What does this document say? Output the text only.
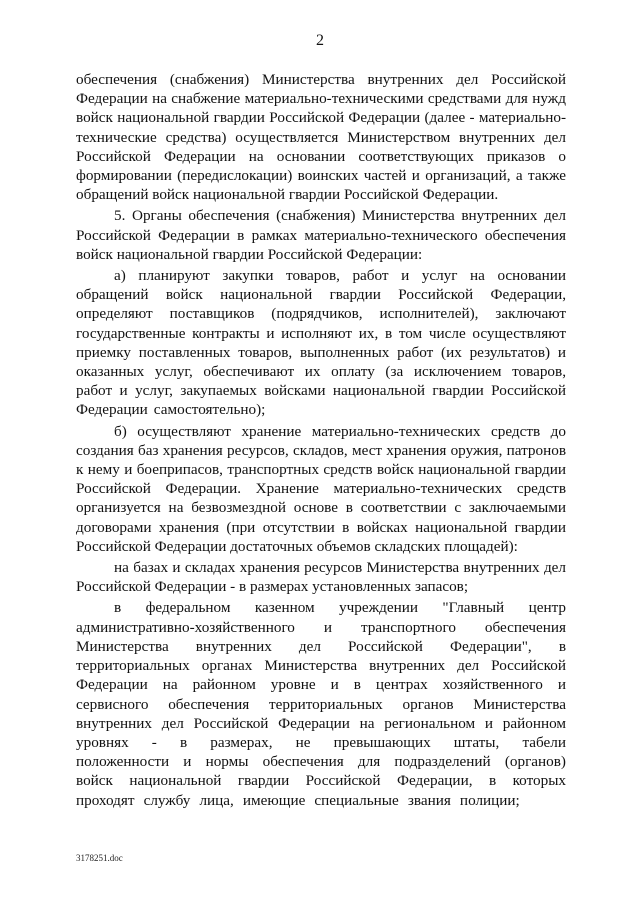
2

обеспечения (снабжения) Министерства внутренних дел Российской Федерации на снабжение материально-техническими средствами для нужд войск национальной гвардии Российской Федерации (далее - материально-технические средства) осуществляется Министерством внутренних дел Российской Федерации на основании соответствующих приказов о формировании (передислокации) воинских частей и организаций, а также обращений войск национальной гвардии Российской Федерации.

5. Органы обеспечения (снабжения) Министерства внутренних дел Российской Федерации в рамках материально-технического обеспечения войск национальной гвардии Российской Федерации:

а) планируют закупки товаров, работ и услуг на основании обращений войск национальной гвардии Российской Федерации, определяют поставщиков (подрядчиков, исполнителей), заключают государственные контракты и исполняют их, в том числе осуществляют приемку поставленных товаров, выполненных работ (их результатов) и оказанных услуг, обеспечивают их оплату (за исключением товаров, работ и услуг, закупаемых войсками национальной гвардии Российской Федерации самостоятельно);

б) осуществляют хранение материально-технических средств до создания баз хранения ресурсов, складов, мест хранения оружия, патронов к нему и боеприпасов, транспортных средств войск национальной гвардии Российской Федерации. Хранение материально-технических средств организуется на безвозмездной основе в соответствии с заключаемыми договорами хранения (при отсутствии в войсках национальной гвардии Российской Федерации достаточных объемов складских площадей):

на базах и складах хранения ресурсов Министерства внутренних дел Российской Федерации - в размерах установленных запасов;

в федеральном казенном учреждении "Главный центр административно-хозяйственного и транспортного обеспечения Министерства внутренних дел Российской Федерации", в территориальных органах Министерства внутренних дел Российской Федерации на районном уровне и в центрах хозяйственного и сервисного обеспечения территориальных органов Министерства внутренних дел Российской Федерации на региональном и районном уровнях - в размерах, не превышающих штаты, табели положенности и нормы обеспечения для подразделений (органов) войск национальной гвардии Российской Федерации, в которых проходят службу лица, имеющие специальные звания полиции;

3178251.doc
